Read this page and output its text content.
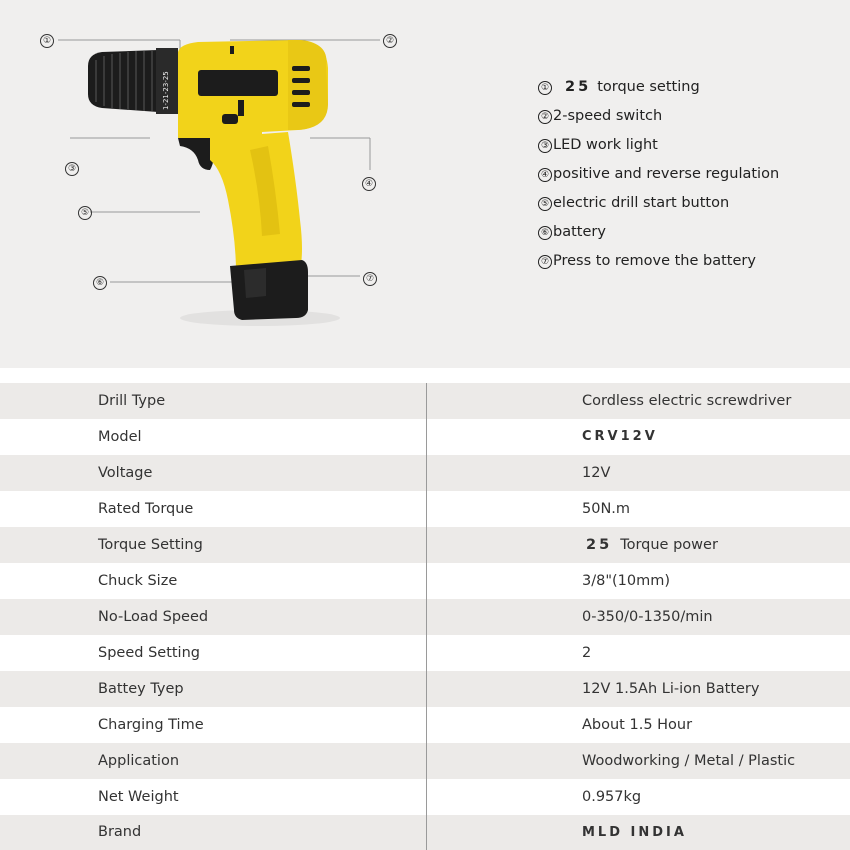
1-21-23-25
①	②
③
④
⑤
⑥	⑦
① 25 torque setting
② 2-speed switch
③ LED work light
④ positive and reverse regulation
⑤ electric drill start button
⑥ battery
⑦ Press to remove the battery
Drill Type	Cordless electric screwdriver
Model	CRV12V
Voltage	12V
Rated Torque	50N.m
Torque Setting	25 Torque power
Chuck Size	3/8"(10mm)
No-Load Speed	0-350/0-1350/min
Speed Setting	2
Battey Tyep	12V 1.5Ah Li-ion Battery
Charging Time	About 1.5 Hour
Application	Woodworking / Metal / Plastic
Net Weight	0.957kg
Brand	MLD INDIA
